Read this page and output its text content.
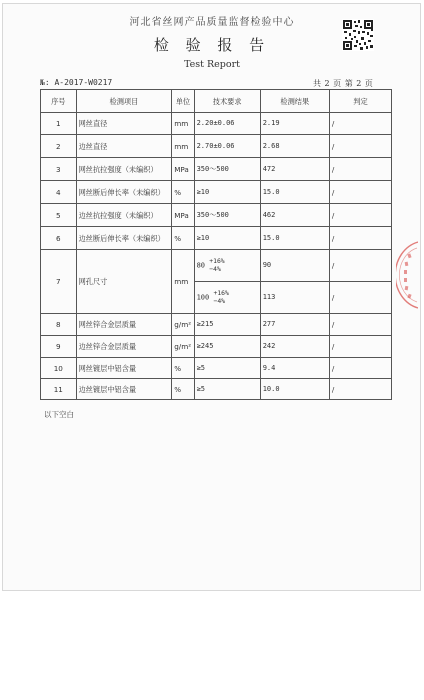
河北省丝网产品质量监督检验中心
检 验 报 告
Test Report
№: A-2017-W0217	共 2 页 第 2 页
序号	检测项目	单位	技术要求	检测结果	判定
1	网丝直径	mm	2.20±0.06	2.19	/
2	边丝直径	mm	2.70±0.06	2.68	/
3	网丝抗拉强度（未编织）	MPa	350～500	472	/
4	网丝断后伸长率（未编织）	%	≥10	15.0	/
5	边丝抗拉强度（未编织）	MPa	350～500	462	/
6	边丝断后伸长率（未编织）	%	≥10	15.0	/
7	网孔尺寸	mm	80 +16%
−4%	90	/
			100 +16%
−4%	113	/
8	网丝锌合金层质量	g/m²	≥215	277	/
9	边丝锌合金层质量	g/m²	≥245	242	/
10	网丝镀层中铝含量	%	≥5	9.4	/
11	边丝镀层中铝含量	%	≥5	10.0	/
以下空白
